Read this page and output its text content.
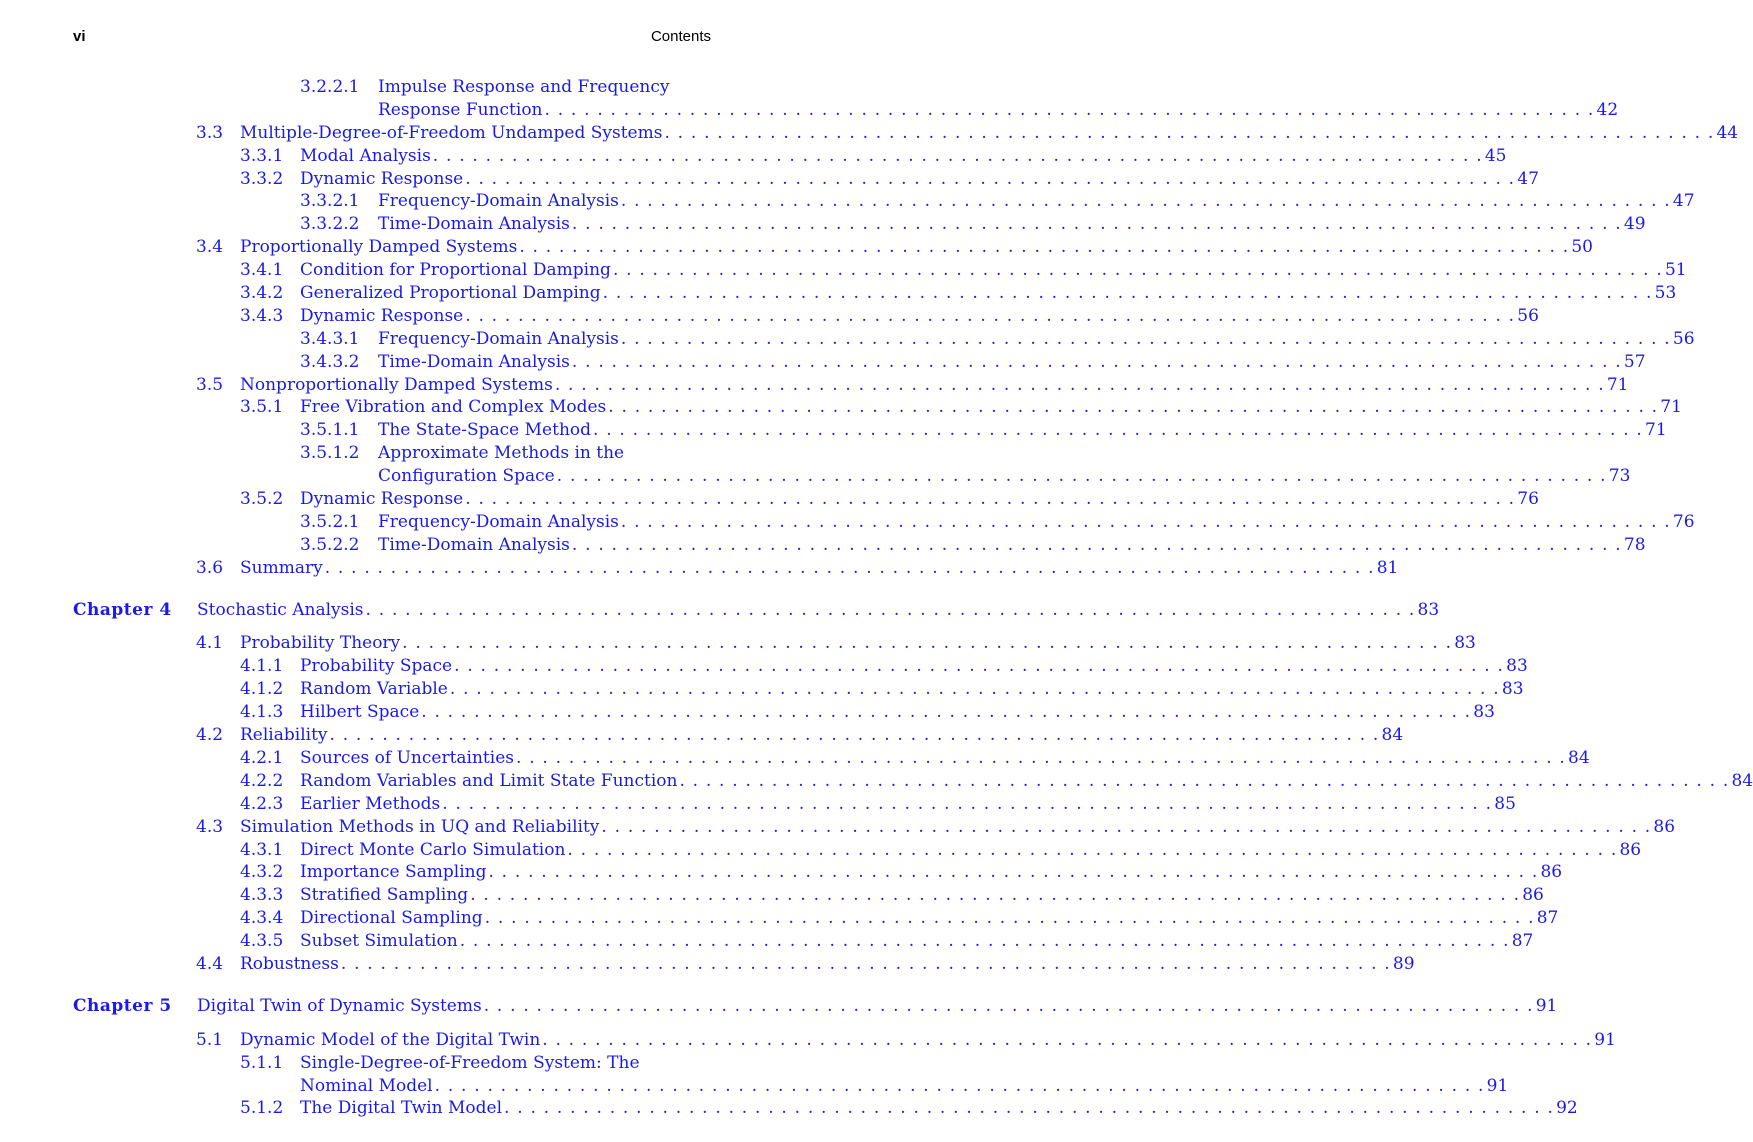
vi	Contents
3.2.2.1 Impulse Response and Frequency
Response Function . . . . . . . . . . . . . . . . . . . . . . . . . . . . . . . . . . . . . . . . . . . . . . . . . . . . . . . . . . . . . . . . . . . . . . . . . . . . . . . . 42
3.3 Multiple-Degree-of-Freedom Undamped Systems . . . . . . . . . . . . . . . . . . . . . . . . . . . . . . . . . . . . . . . . . . . . . . . . . . . . . . . . . . . . . . . . . . . . . . . . . . . . . . . . 44
3.3.1 Modal Analysis . . . . . . . . . . . . . . . . . . . . . . . . . . . . . . . . . . . . . . . . . . . . . . . . . . . . . . . . . . . . . . . . . . . . . . . . . . . . . . . . 45
3.3.2 Dynamic Response . . . . . . . . . . . . . . . . . . . . . . . . . . . . . . . . . . . . . . . . . . . . . . . . . . . . . . . . . . . . . . . . . . . . . . . . . . . . . . . . 47
3.3.2.1 Frequency-Domain Analysis . . . . . . . . . . . . . . . . . . . . . . . . . . . . . . . . . . . . . . . . . . . . . . . . . . . . . . . . . . . . . . . . . . . . . . . . . . . . . . . . 47
3.3.2.2 Time-Domain Analysis . . . . . . . . . . . . . . . . . . . . . . . . . . . . . . . . . . . . . . . . . . . . . . . . . . . . . . . . . . . . . . . . . . . . . . . . . . . . . . . . 49
3.4 Proportionally Damped Systems . . . . . . . . . . . . . . . . . . . . . . . . . . . . . . . . . . . . . . . . . . . . . . . . . . . . . . . . . . . . . . . . . . . . . . . . . . . . . . . . 50
3.4.1 Condition for Proportional Damping . . . . . . . . . . . . . . . . . . . . . . . . . . . . . . . . . . . . . . . . . . . . . . . . . . . . . . . . . . . . . . . . . . . . . . . . . . . . . . . . 51
3.4.2 Generalized Proportional Damping . . . . . . . . . . . . . . . . . . . . . . . . . . . . . . . . . . . . . . . . . . . . . . . . . . . . . . . . . . . . . . . . . . . . . . . . . . . . . . . . 53
3.4.3 Dynamic Response . . . . . . . . . . . . . . . . . . . . . . . . . . . . . . . . . . . . . . . . . . . . . . . . . . . . . . . . . . . . . . . . . . . . . . . . . . . . . . . . 56
3.4.3.1 Frequency-Domain Analysis . . . . . . . . . . . . . . . . . . . . . . . . . . . . . . . . . . . . . . . . . . . . . . . . . . . . . . . . . . . . . . . . . . . . . . . . . . . . . . . . 56
3.4.3.2 Time-Domain Analysis . . . . . . . . . . . . . . . . . . . . . . . . . . . . . . . . . . . . . . . . . . . . . . . . . . . . . . . . . . . . . . . . . . . . . . . . . . . . . . . . 57
3.5 Nonproportionally Damped Systems . . . . . . . . . . . . . . . . . . . . . . . . . . . . . . . . . . . . . . . . . . . . . . . . . . . . . . . . . . . . . . . . . . . . . . . . . . . . . . . . 71
3.5.1 Free Vibration and Complex Modes . . . . . . . . . . . . . . . . . . . . . . . . . . . . . . . . . . . . . . . . . . . . . . . . . . . . . . . . . . . . . . . . . . . . . . . . . . . . . . . . 71
3.5.1.1 The State-Space Method . . . . . . . . . . . . . . . . . . . . . . . . . . . . . . . . . . . . . . . . . . . . . . . . . . . . . . . . . . . . . . . . . . . . . . . . . . . . . . . . 71
3.5.1.2 Approximate Methods in the
Configuration Space . . . . . . . . . . . . . . . . . . . . . . . . . . . . . . . . . . . . . . . . . . . . . . . . . . . . . . . . . . . . . . . . . . . . . . . . . . . . . . . . 73
3.5.2 Dynamic Response . . . . . . . . . . . . . . . . . . . . . . . . . . . . . . . . . . . . . . . . . . . . . . . . . . . . . . . . . . . . . . . . . . . . . . . . . . . . . . . . 76
3.5.2.1 Frequency-Domain Analysis . . . . . . . . . . . . . . . . . . . . . . . . . . . . . . . . . . . . . . . . . . . . . . . . . . . . . . . . . . . . . . . . . . . . . . . . . . . . . . . . 76
3.5.2.2 Time-Domain Analysis . . . . . . . . . . . . . . . . . . . . . . . . . . . . . . . . . . . . . . . . . . . . . . . . . . . . . . . . . . . . . . . . . . . . . . . . . . . . . . . . 78
3.6 Summary . . . . . . . . . . . . . . . . . . . . . . . . . . . . . . . . . . . . . . . . . . . . . . . . . . . . . . . . . . . . . . . . . . . . . . . . . . . . . . . . 81
Chapter 4 Stochastic Analysis . . . . . . . . . . . . . . . . . . . . . . . . . . . . . . . . . . . . . . . . . . . . . . . . . . . . . . . . . . . . . . . . . . . . . . . . . . . . . . . . 83
4.1 Probability Theory . . . . . . . . . . . . . . . . . . . . . . . . . . . . . . . . . . . . . . . . . . . . . . . . . . . . . . . . . . . . . . . . . . . . . . . . . . . . . . . . 83
4.1.1 Probability Space . . . . . . . . . . . . . . . . . . . . . . . . . . . . . . . . . . . . . . . . . . . . . . . . . . . . . . . . . . . . . . . . . . . . . . . . . . . . . . . . 83
4.1.2 Random Variable . . . . . . . . . . . . . . . . . . . . . . . . . . . . . . . . . . . . . . . . . . . . . . . . . . . . . . . . . . . . . . . . . . . . . . . . . . . . . . . . 83
4.1.3 Hilbert Space . . . . . . . . . . . . . . . . . . . . . . . . . . . . . . . . . . . . . . . . . . . . . . . . . . . . . . . . . . . . . . . . . . . . . . . . . . . . . . . . 83
4.2 Reliability . . . . . . . . . . . . . . . . . . . . . . . . . . . . . . . . . . . . . . . . . . . . . . . . . . . . . . . . . . . . . . . . . . . . . . . . . . . . . . . . 84
4.2.1 Sources of Uncertainties . . . . . . . . . . . . . . . . . . . . . . . . . . . . . . . . . . . . . . . . . . . . . . . . . . . . . . . . . . . . . . . . . . . . . . . . . . . . . . . . 84
4.2.2 Random Variables and Limit State Function . . . . . . . . . . . . . . . . . . . . . . . . . . . . . . . . . . . . . . . . . . . . . . . . . . . . . . . . . . . . . . . . . . . . . . . . . . . . . . . . 84
4.2.3 Earlier Methods . . . . . . . . . . . . . . . . . . . . . . . . . . . . . . . . . . . . . . . . . . . . . . . . . . . . . . . . . . . . . . . . . . . . . . . . . . . . . . . . 85
4.3 Simulation Methods in UQ and Reliability . . . . . . . . . . . . . . . . . . . . . . . . . . . . . . . . . . . . . . . . . . . . . . . . . . . . . . . . . . . . . . . . . . . . . . . . . . . . . . . . 86
4.3.1 Direct Monte Carlo Simulation . . . . . . . . . . . . . . . . . . . . . . . . . . . . . . . . . . . . . . . . . . . . . . . . . . . . . . . . . . . . . . . . . . . . . . . . . . . . . . . . 86
4.3.2 Importance Sampling . . . . . . . . . . . . . . . . . . . . . . . . . . . . . . . . . . . . . . . . . . . . . . . . . . . . . . . . . . . . . . . . . . . . . . . . . . . . . . . . 86
4.3.3 Stratified Sampling . . . . . . . . . . . . . . . . . . . . . . . . . . . . . . . . . . . . . . . . . . . . . . . . . . . . . . . . . . . . . . . . . . . . . . . . . . . . . . . . 86
4.3.4 Directional Sampling . . . . . . . . . . . . . . . . . . . . . . . . . . . . . . . . . . . . . . . . . . . . . . . . . . . . . . . . . . . . . . . . . . . . . . . . . . . . . . . . 87
4.3.5 Subset Simulation . . . . . . . . . . . . . . . . . . . . . . . . . . . . . . . . . . . . . . . . . . . . . . . . . . . . . . . . . . . . . . . . . . . . . . . . . . . . . . . . 87
4.4 Robustness . . . . . . . . . . . . . . . . . . . . . . . . . . . . . . . . . . . . . . . . . . . . . . . . . . . . . . . . . . . . . . . . . . . . . . . . . . . . . . . . 89
Chapter 5 Digital Twin of Dynamic Systems . . . . . . . . . . . . . . . . . . . . . . . . . . . . . . . . . . . . . . . . . . . . . . . . . . . . . . . . . . . . . . . . . . . . . . . . . . . . . . . . 91
5.1 Dynamic Model of the Digital Twin . . . . . . . . . . . . . . . . . . . . . . . . . . . . . . . . . . . . . . . . . . . . . . . . . . . . . . . . . . . . . . . . . . . . . . . . . . . . . . . . 91
5.1.1 Single-Degree-of-Freedom System: The
Nominal Model . . . . . . . . . . . . . . . . . . . . . . . . . . . . . . . . . . . . . . . . . . . . . . . . . . . . . . . . . . . . . . . . . . . . . . . . . . . . . . . . 91
5.1.2 The Digital Twin Model . . . . . . . . . . . . . . . . . . . . . . . . . . . . . . . . . . . . . . . . . . . . . . . . . . . . . . . . . . . . . . . . . . . . . . . . . . . . . . . . 92
